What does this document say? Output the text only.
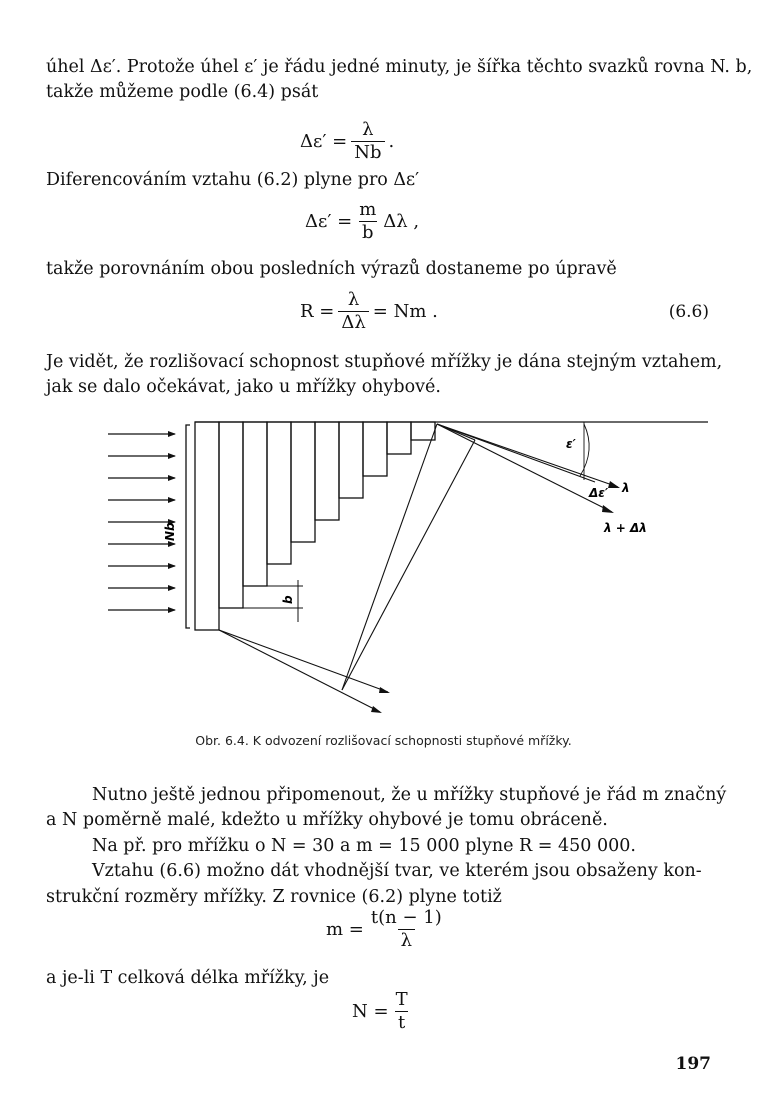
úhel Δε′. Protože úhel ε′ je řádu jedné minuty, je šířka těchto svazků rovna N. b,
takže můžeme podle (6.4) psát

$\Delta\varepsilon' = \frac{\lambda}{Nb}$ .

Diferencováním vztahu (6.2) plyne pro Δε′

$\Delta\varepsilon' = \frac{m}{b}$ Δλ ,

takže porovnáním obou posledních výrazů dostaneme po úpravě

$R = \frac{\lambda}{\Delta\lambda} = Nm$ .	(6.6)

Je vidět, že rozlišovací schopnost stupňové mřížky je dána stejným vztahem,
jak se dalo očekávat, jako u mřížky ohybové.

Nb
b
ε′
Δε′ λ
λ + Δλ
Obr. 6.4. K odvození rozlišovací schopnosti stupňové mřížky.

Nutno ještě jednou připomenout, že u mřížky stupňové je řád m značný
a N poměrně malé, kdežto u mřížky ohybové je tomu obráceně.
Na př. pro mřížku o N = 30 a m = 15 000 plyne R = 450 000.
Vztahu (6.6) možno dát vhodnější tvar, ve kterém jsou obsaženy kon-
strukční rozměry mřížky. Z rovnice (6.2) plyne totiž

$m = \frac{t(n - 1)}{\lambda}$

a je-li T celková délka mřížky, je

$N = \frac{T}{t}$
197
